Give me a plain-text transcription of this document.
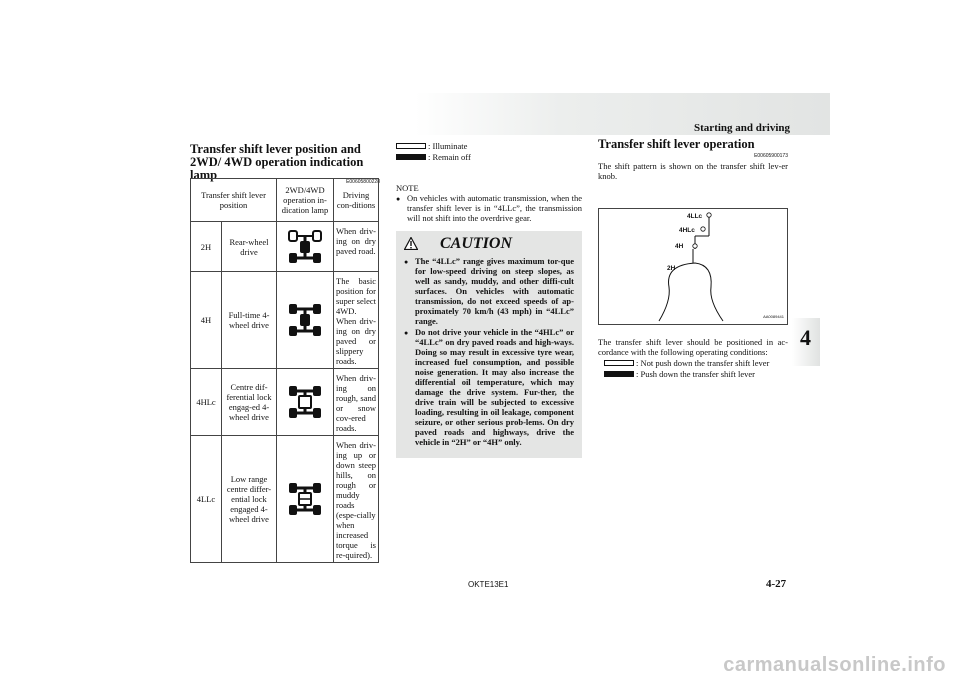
Starting and driving
4
Transfer shift lever position and 2WD/ 4WD operation indication lamp	E00605800228
Transfer shift lever position		2WD/4WD operation in-dication lamp	Driving con-ditions
2H	Rear-wheel drive		When driv-ing on dry paved road.
4H	Full-time 4-wheel drive		The basic position for super select 4WD. When driv-ing on dry paved or slippery roads.
4HLc	Centre dif-ferential lock engag-ed 4-wheel drive		When driv-ing on rough, sand or snow cov-ered roads.
4LLc	Low range centre differ-ential lock engaged 4-wheel drive		When driv-ing up or down steep hills, on rough or muddy roads (espe-cially when increased torque is re-quired).
: Illuminate
: Remain off
NOTE
● On vehicles with automatic transmission, when the transfer shift lever is in “4LLc”, the transmission will not shift into the overdrive gear.
CAUTION
● The “4LLc” range gives maximum tor-que for low-speed driving on steep slopes, as well as sandy, muddy, and other diffi-cult surfaces. On vehicles with automatic transmission, do not exceed speeds of ap-proximately 70 km/h (43 mph) in “4LLc” range.
● Do not drive your vehicle in the “4HLc” or “4LLc” on dry paved roads and high-ways. Doing so may result in excessive tyre wear, increased fuel consumption, and possible noise generation. It may also increase the differential oil temperature, which may damage the drive system. Fur-ther, the drive train will be subjected to excessive loading, resulting in oil leakage, component seizure, or other serious prob-lems. On dry paved roads and highways, drive the vehicle in “2H” or “4H” only.
Transfer shift lever operation
E00605900173
The shift pattern is shown on the transfer shift lev-er knob.
4LLc
4HLc
4H
2H
AA0089441
The transfer shift lever should be positioned in ac-cordance with the following operating conditions:
: Not push down the transfer shift lever
: Push down the transfer shift lever
OKTE13E1	4-27
carmanualsonline.info
